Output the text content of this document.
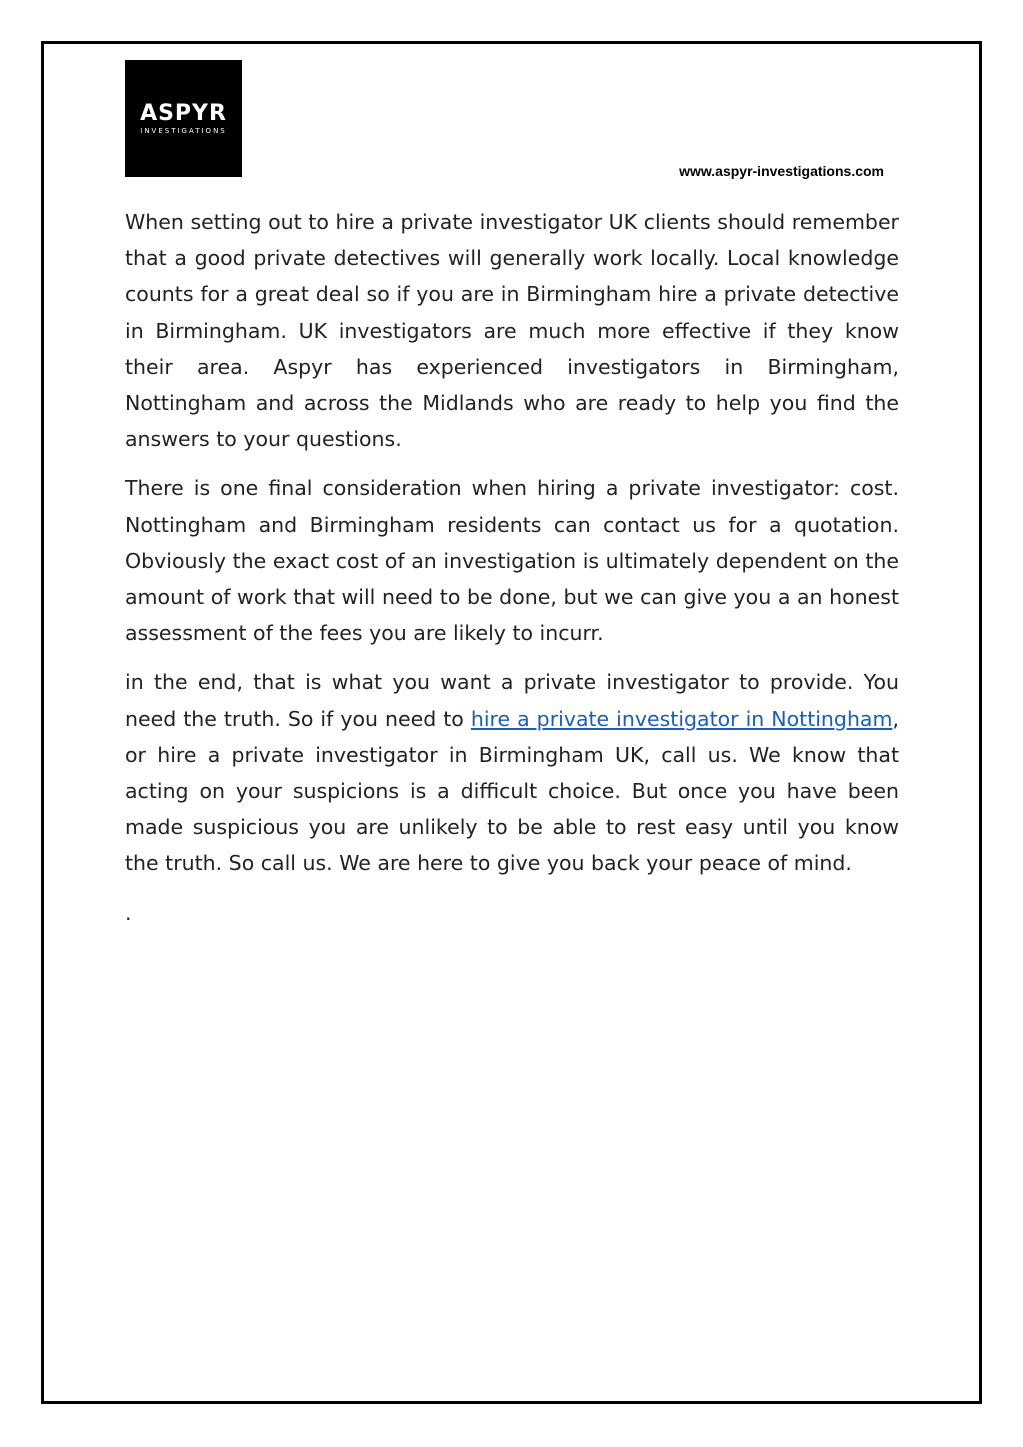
ASPYR
INVESTIGATIONS
www.aspyr-investigations.com

When setting out to hire a private investigator UK clients should remember that a good private detectives will generally work locally. Local knowledge counts for a great deal so if you are in Birmingham hire a private detective in Birmingham. UK investigators are much more effective if they know their area. Aspyr has experienced investigators in Birmingham, Nottingham and across the Midlands who are ready to help you find the answers to your questions.

There is one final consideration when hiring a private investigator: cost. Nottingham and Birmingham residents can contact us for a quotation. Obviously the exact cost of an investigation is ultimately dependent on the amount of work that will need to be done, but we can give you a an honest assessment of the fees you are likely to incurr.

in the end, that is what you want a private investigator to provide. You need the truth. So if you need to hire a private investigator in Nottingham, or hire a private investigator in Birmingham UK, call us. We know that acting on your suspicions is a difficult choice. But once you have been made suspicious you are unlikely to be able to rest easy until you know the truth. So call us. We are here to give you back your peace of mind.

.
